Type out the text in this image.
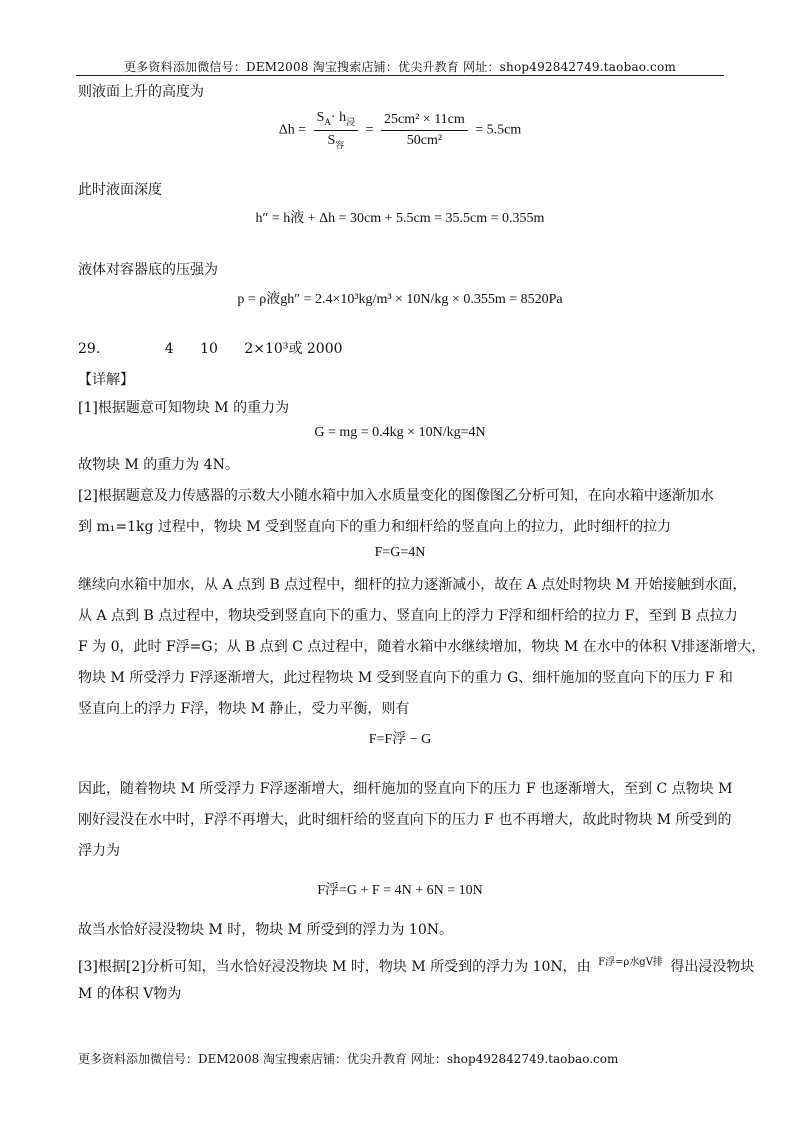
更多资料添加微信号：DEM2008 淘宝搜索店铺：优尖升教育 网址：shop492842749.taobao.com
则液面上升的高度为
$\Delta h = \frac{S_A\cdot h_浸}{S_容} = \frac{\text{25cm² × 11cm}}{\text{50cm²}} = 5.5cm$
此时液面深度
h″ = h液 + Δh = 30cm + 5.5cm = 35.5cm = 0.355m
液体对容器底的压强为
p = ρ液gh″ = 2.4×10³kg/m³ × 10N/kg × 0.355m = 8520Pa
29.	4 10 2×10³或 2000
【详解】
[1]根据题意可知物块 M 的重力为
G = mg = 0.4kg × 10N/kg=4N
故物块 M 的重力为 4N。
[2]根据题意及力传感器的示数大小随水箱中加入水质量变化的图像图乙分析可知，在向水箱中逐渐加水
到 m₁=1kg 过程中，物块 M 受到竖直向下的重力和细杆给的竖直向上的拉力，此时细杆的拉力
F=G=4N
继续向水箱中加水，从 A 点到 B 点过程中，细杆的拉力逐渐减小，故在 A 点处时物块 M 开始接触到水面，
从 A 点到 B 点过程中，物块受到竖直向下的重力、竖直向上的浮力 F浮和细杆给的拉力 F，至到 B 点拉力
F 为 0，此时 F浮=G；从 B 点到 C 点过程中，随着水箱中水继续增加，物块 M 在水中的体积 V排逐渐增大，
物块 M 所受浮力 F浮逐渐增大，此过程物块 M 受到竖直向下的重力 G、细杆施加的竖直向下的压力 F 和
竖直向上的浮力 F浮，物块 M 静止，受力平衡，则有
F=F浮 − G
因此，随着物块 M 所受浮力 F浮逐渐增大，细杆施加的竖直向下的压力 F 也逐渐增大，至到 C 点物块 M
刚好浸没在水中时，F浮不再增大，此时细杆给的竖直向下的压力 F 也不再增大，故此时物块 M 所受到的
浮力为
F浮=G + F = 4N + 6N = 10N
故当水恰好浸没物块 M 时，物块 M 所受到的浮力为 10N。
[3]根据[2]分析可知，当水恰好浸没物块 M 时，物块 M 所受到的浮力为 10N，由 $^{F浮=\rho 水gV排}$ 得出浸没物块
M 的体积 V物为
更多资料添加微信号：DEM2008 淘宝搜索店铺：优尖升教育 网址：shop492842749.taobao.com
